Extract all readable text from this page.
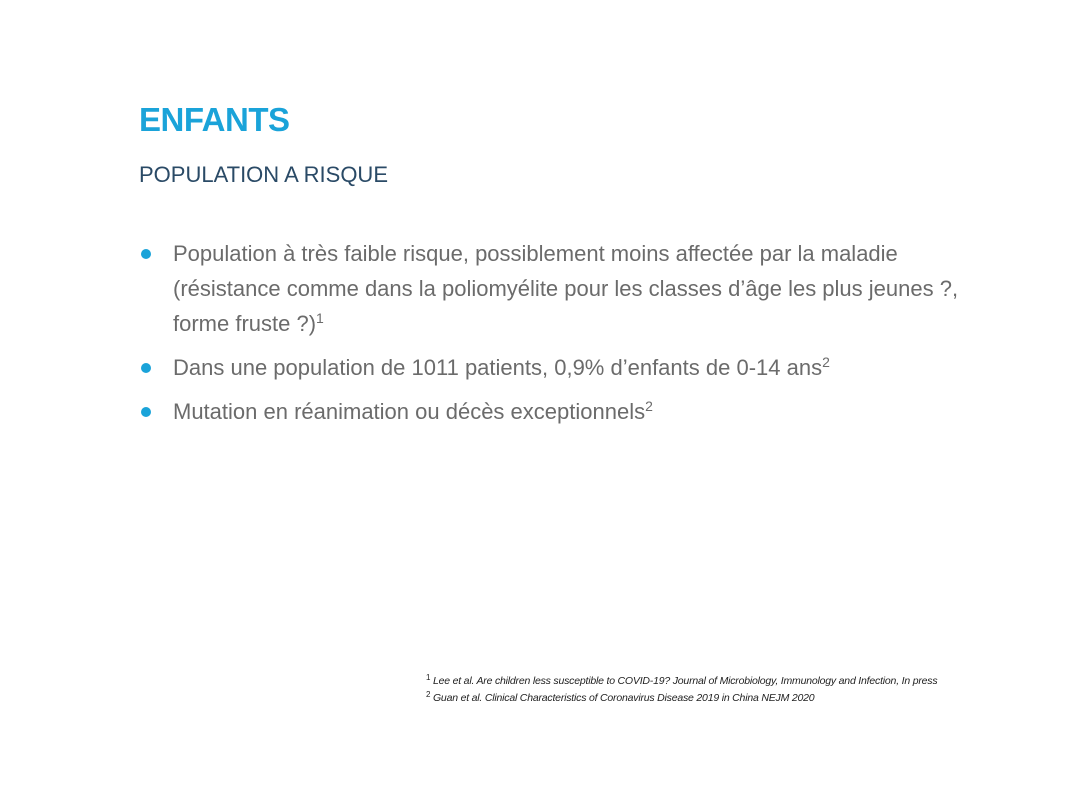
ENFANTS
POPULATION A RISQUE
Population à très faible risque, possiblement moins affectée par la maladie (résistance comme dans la poliomyélite pour les classes d’âge les plus jeunes ?, forme fruste ?)$^1$
Dans une population de 1011 patients, 0,9% d’enfants de 0-14 ans$^2$
Mutation en réanimation ou décès exceptionnels$^2$
$^1$ Lee et al. Are children less susceptible to COVID-19? Journal of Microbiology, Immunology and Infection, In press
$^2$ Guan et al. Clinical Characteristics of Coronavirus Disease 2019 in China NEJM 2020
